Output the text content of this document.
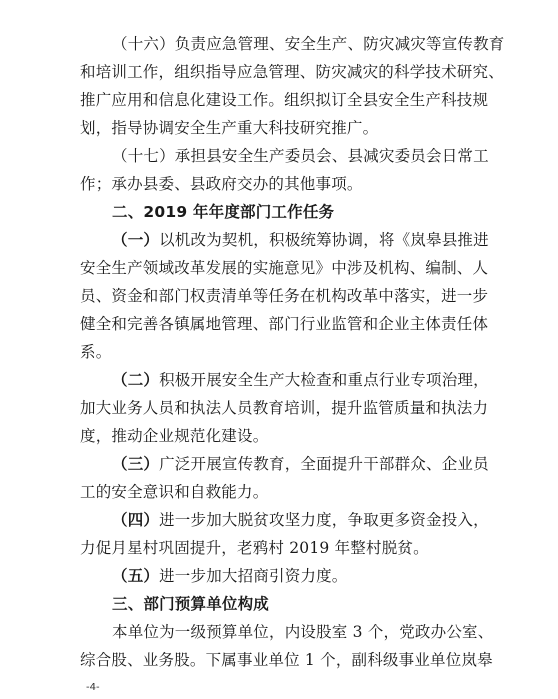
（十六）负责应急管理、安全生产、防灾减灾等宣传教育
和培训工作，组织指导应急管理、防灾减灾的科学技术研究、
推广应用和信息化建设工作。组织拟订全县安全生产科技规
划，指导协调安全生产重大科技研究推广。
（十七）承担县安全生产委员会、县减灾委员会日常工
作；承办县委、县政府交办的其他事项。
二、2019 年年度部门工作任务
（一）以机改为契机，积极统筹协调，将《岚皋县推进
安全生产领域改革发展的实施意见》中涉及机构、编制、人
员、资金和部门权责清单等任务在机构改革中落实，进一步
健全和完善各镇属地管理、部门行业监管和企业主体责任体
系。
（二）积极开展安全生产大检查和重点行业专项治理，
加大业务人员和执法人员教育培训，提升监管质量和执法力
度，推动企业规范化建设。
（三）广泛开展宣传教育，全面提升干部群众、企业员
工的安全意识和自救能力。
（四）进一步加大脱贫攻坚力度，争取更多资金投入，
力促月星村巩固提升，老鸦村 2019 年整村脱贫。
（五）进一步加大招商引资力度。
三、部门预算单位构成
本单位为一级预算单位，内设股室 3 个，党政办公室、
综合股、业务股。下属事业单位 1 个，副科级事业单位岚皋
-4-
